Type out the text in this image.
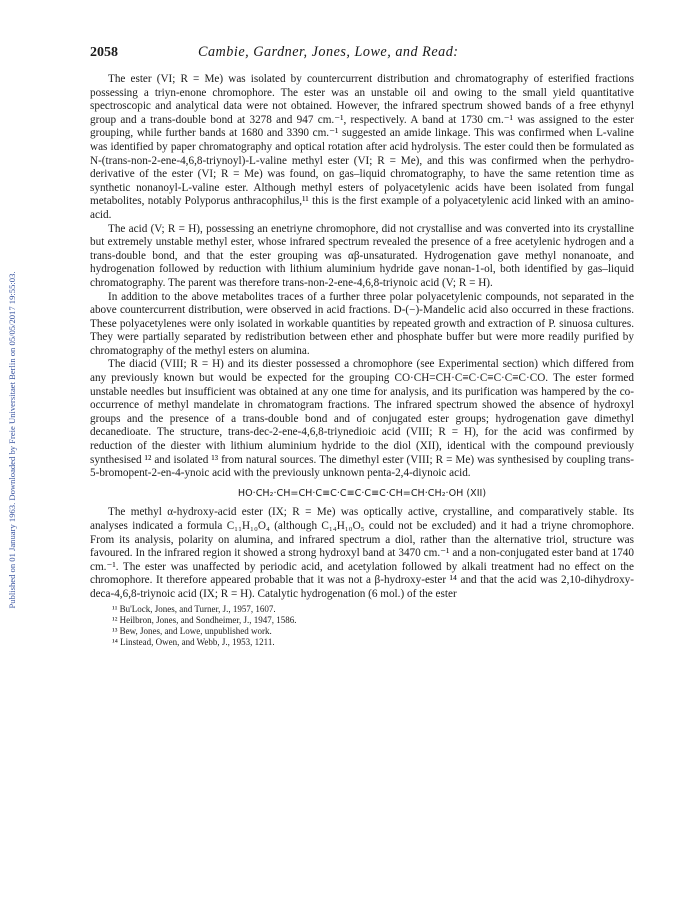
Published on 01 January 1963. Downloaded by Freie Universitaet Berlin on 05/05/2017 19:55:03.
2058	Cambie, Gardner, Jones, Lowe, and Read:

The ester (VI; R = Me) was isolated by countercurrent distribution and chromatography of esterified fractions possessing a triyn-enone chromophore. The ester was an unstable oil and owing to the small yield quantitative spectroscopic and analytical data were not obtained. However, the infrared spectrum showed bands of a free ethynyl group and a trans-double bond at 3278 and 947 cm.⁻¹, respectively. A band at 1730 cm.⁻¹ was assigned to the ester grouping, while further bands at 1680 and 3390 cm.⁻¹ suggested an amide linkage. This was confirmed when L-valine was identified by paper chromatography and optical rotation after acid hydrolysis. The ester could then be formulated as N-(trans-non-2-ene-4,6,8-triynoyl)-L-valine methyl ester (VI; R = Me), and this was confirmed when the perhydro-derivative of the ester (VI; R = Me) was found, on gas–liquid chromatography, to have the same retention time as synthetic nonanoyl-L-valine ester. Although methyl esters of polyacetylenic acids have been isolated from fungal metabolites, notably Polyporus anthracophilus,¹¹ this is the first example of a polyacetylenic acid linked with an amino-acid.

The acid (V; R = H), possessing an enetriyne chromophore, did not crystallise and was converted into its crystalline but extremely unstable methyl ester, whose infrared spectrum revealed the presence of a free acetylenic hydrogen and a trans-double bond, and that the ester grouping was αβ-unsaturated. Hydrogenation gave methyl nonanoate, and hydrogenation followed by reduction with lithium aluminium hydride gave nonan-1-ol, both identified by gas–liquid chromatography. The parent was therefore trans-non-2-ene-4,6,8-triynoic acid (V; R = H).

In addition to the above metabolites traces of a further three polar polyacetylenic compounds, not separated in the above countercurrent distribution, were observed in acid fractions. D-(−)-Mandelic acid also occurred in these fractions. These polyacetylenes were only isolated in workable quantities by repeated growth and extraction of P. sinuosa cultures. They were partially separated by redistribution between ether and phosphate buffer but were more readily purified by chromatography of the methyl esters on alumina.

The diacid (VIII; R = H) and its diester possessed a chromophore (see Experimental section) which differed from any previously known but would be expected for the grouping CO·CH=CH·C≡C·C≡C·C≡C·CO. The ester formed unstable needles but insufficient was obtained at any one time for analysis, and its purification was hampered by the co-occurrence of methyl mandelate in chromatogram fractions. The infrared spectrum showed the absence of hydroxyl groups and the presence of a trans-double bond and of conjugated ester groups; hydrogenation gave dimethyl decanedioate. The structure, trans-dec-2-ene-4,6,8-triynedioic acid (VIII; R = H), for the acid was confirmed by reduction of the diester with lithium aluminium hydride to the diol (XII), identical with the compound previously synthesised ¹² and isolated ¹³ from natural sources. The dimethyl ester (VIII; R = Me) was synthesised by coupling trans-5-bromopent-2-en-4-ynoic acid with the previously unknown penta-2,4-diynoic acid.

HO·CH₂·CH=CH·C≡C·C≡C·C≡C·CH=CH·CH₂·OH (XII)

The methyl α-hydroxy-acid ester (IX; R = Me) was optically active, crystalline, and comparatively stable. Its analyses indicated a formula C₁₁H₁₀O₄ (although C₁₄H₁₀O₅ could not be excluded) and it had a triyne chromophore. From its analysis, polarity on alumina, and infrared spectrum a diol, rather than the alternative triol, structure was favoured. In the infrared region it showed a strong hydroxyl band at 3470 cm.⁻¹ and a non-conjugated ester band at 1740 cm.⁻¹. The ester was unaffected by periodic acid, and acetylation followed by alkali treatment had no effect on the chromophore. It therefore appeared probable that it was not a β-hydroxy-ester ¹⁴ and that the acid was 2,10-dihydroxy-deca-4,6,8-triynoic acid (IX; R = H). Catalytic hydrogenation (6 mol.) of the ester

¹¹ Bu'Lock, Jones, and Turner, J., 1957, 1607.
¹² Heilbron, Jones, and Sondheimer, J., 1947, 1586.
¹³ Bew, Jones, and Lowe, unpublished work.
¹⁴ Linstead, Owen, and Webb, J., 1953, 1211.
